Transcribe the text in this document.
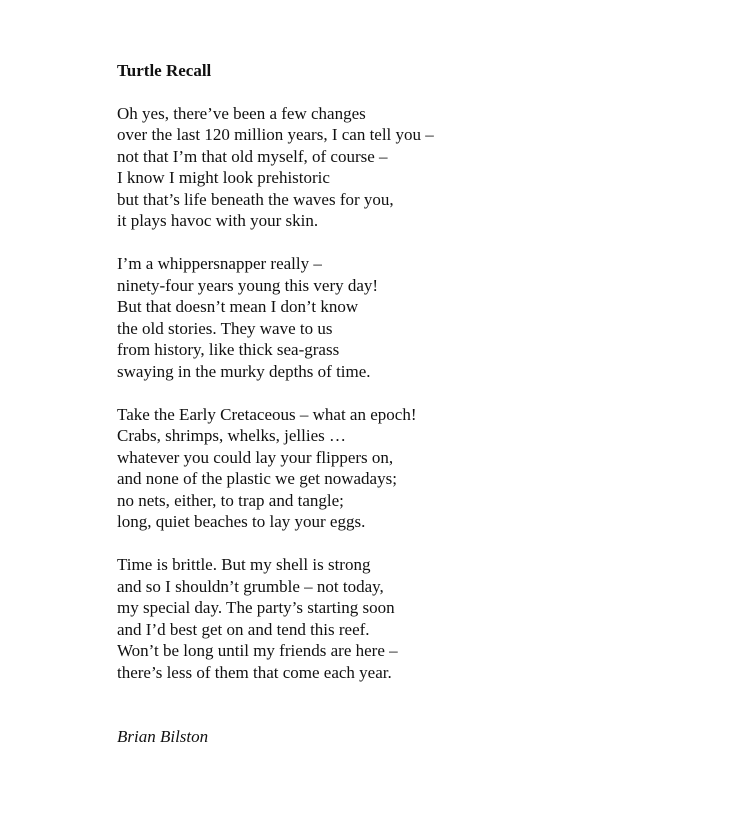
Turtle Recall
Oh yes, there’ve been a few changes
over the last 120 million years, I can tell you –
not that I’m that old myself, of course –
I know I might look prehistoric
but that’s life beneath the waves for you,
it plays havoc with your skin.
I’m a whippersnapper really –
ninety-four years young this very day!
But that doesn’t mean I don’t know
the old stories. They wave to us
from history, like thick sea-grass
swaying in the murky depths of time.
Take the Early Cretaceous – what an epoch!
Crabs, shrimps, whelks, jellies …
whatever you could lay your flippers on,
and none of the plastic we get nowadays;
no nets, either, to trap and tangle;
long, quiet beaches to lay your eggs.
Time is brittle. But my shell is strong
and so I shouldn’t grumble – not today,
my special day. The party’s starting soon
and I’d best get on and tend this reef.
Won’t be long until my friends are here –
there’s less of them that come each year.
Brian Bilston
